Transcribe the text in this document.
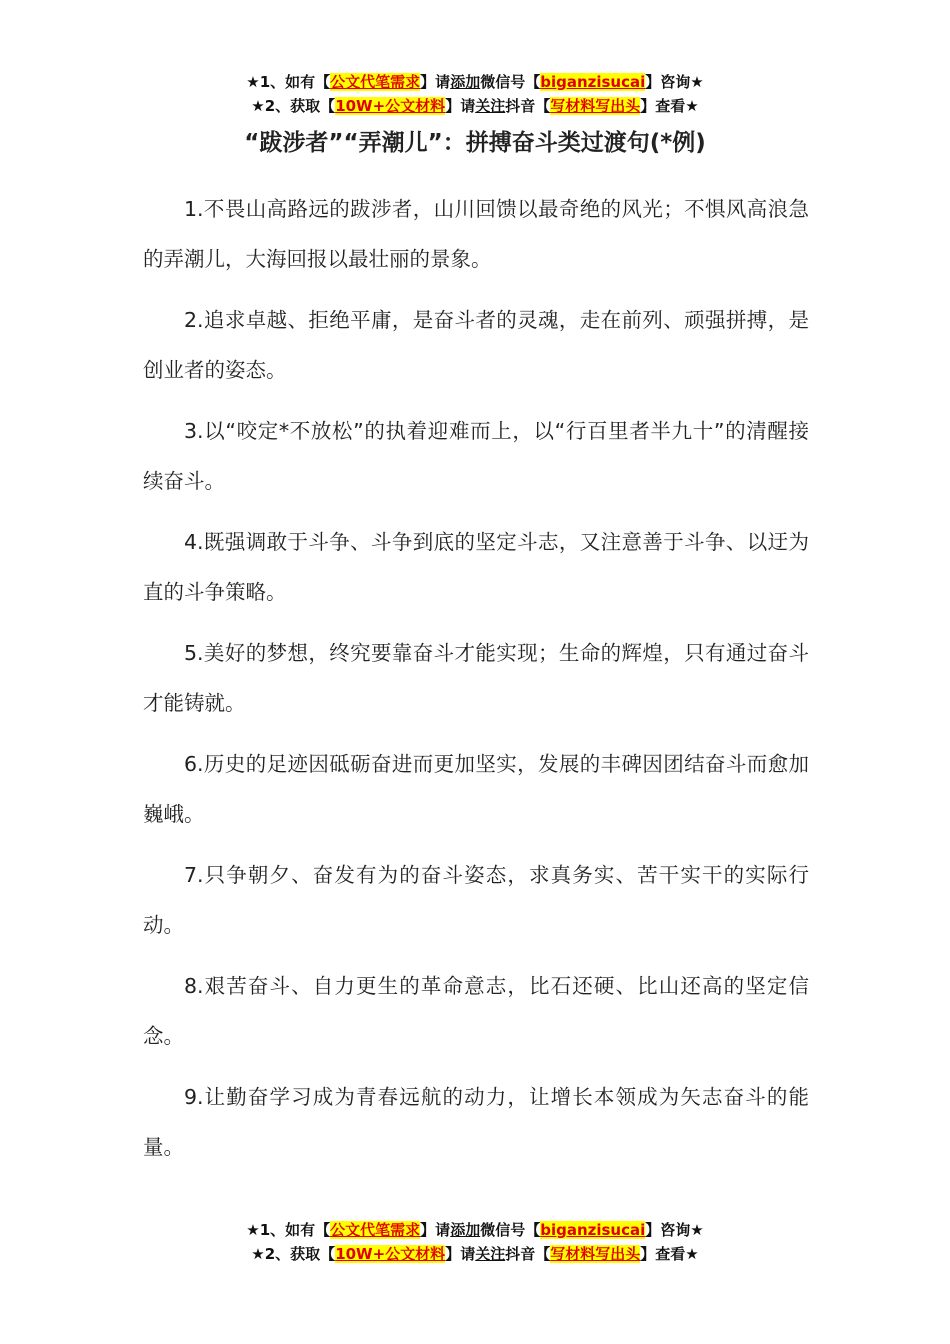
★1、如有【公文代笔需求】请添加微信号【biganzisucai】咨询★
★2、获取【10W+公文材料】请关注抖音【写材料写出头】查看★
“跋涉者”“弄潮儿”：拼搏奋斗类过渡句(*例)

1.不畏山高路远的跋涉者，山川回馈以最奇绝的风光；不惧风高浪急的弄潮儿，大海回报以最壮丽的景象。

2.追求卓越、拒绝平庸，是奋斗者的灵魂，走在前列、顽强拼搏，是创业者的姿态。

3.以“咬定*不放松”的执着迎难而上，以“行百里者半九十”的清醒接续奋斗。

4.既强调敢于斗争、斗争到底的坚定斗志，又注意善于斗争、以迂为直的斗争策略。

5.美好的梦想，终究要靠奋斗才能实现；生命的辉煌，只有通过奋斗才能铸就。

6.历史的足迹因砥砺奋进而更加坚实，发展的丰碑因团结奋斗而愈加巍峨。

7.只争朝夕、奋发有为的奋斗姿态，求真务实、苦干实干的实际行动。

8.艰苦奋斗、自力更生的革命意志，比石还硬、比山还高的坚定信念。

9.让勤奋学习成为青春远航的动力，让增长本领成为矢志奋斗的能量。

★1、如有【公文代笔需求】请添加微信号【biganzisucai】咨询★
★2、获取【10W+公文材料】请关注抖音【写材料写出头】查看★
